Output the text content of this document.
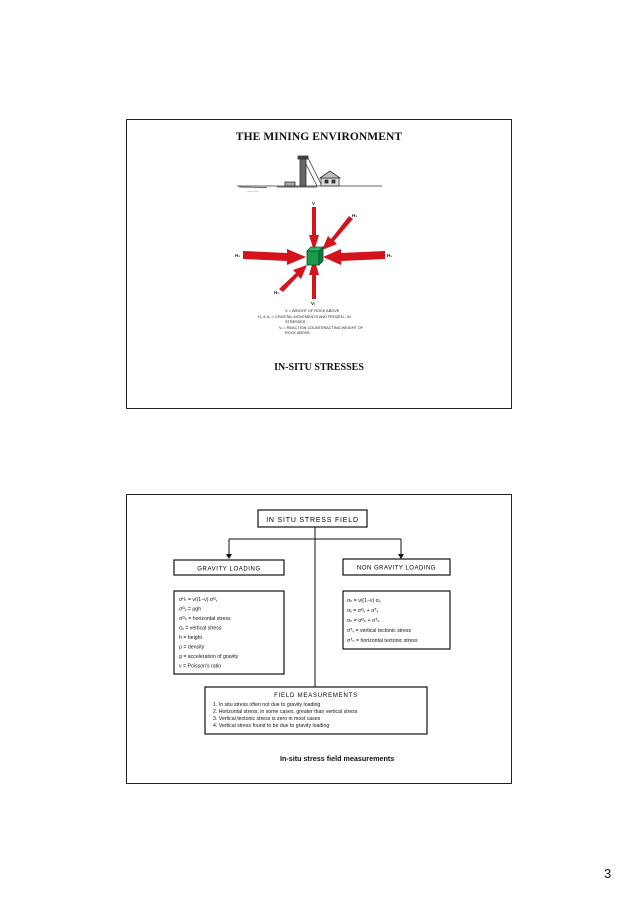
THE MINING ENVIRONMENT
~~~ ~~~
V
H₁	H₁
H₂
H₂
Vᵣ
V = WEIGHT OF ROCK ABOVE
H₁ & H₂ = CRUSTAL MOVEMENTS AND FROZEN - IN
STRESSES
Vᵣ = REACTION COUNTERACTING WEIGHT OF
ROCK ABOVE
IN-SITU STRESSES
IN SITU STRESS FIELD
GRAVITY LOADING	NON GRAVITY LOADING
σᴴₕ = ν/(1−ν) σᴳᵥ
σᴳᵥ = ρgh
σᴳₕ = horizontal stress
σᵥ = vertical stress
h = height
ρ = density
g = acceleration of gravity
ν = Poisson's ratio
σₕ = ν/(1−ν) σᵥ
σᵥ = σᴳᵥ + σᵀᵥ
σₕ = σᴳₕ + σᵀₕ
σᵀᵥ = vertical tectonic stress
σᵀₕ = horizontal tectonic stress
FIELD MEASUREMENTS
1. In situ stress often not due to gravity loading
2. Horizontal stress, in some cases, greater than vertical stress
3. Vertical tectonic stress is zero in most cases
4. Vertical stress found to be due to gravity loading
In-situ stress field measurements
3
